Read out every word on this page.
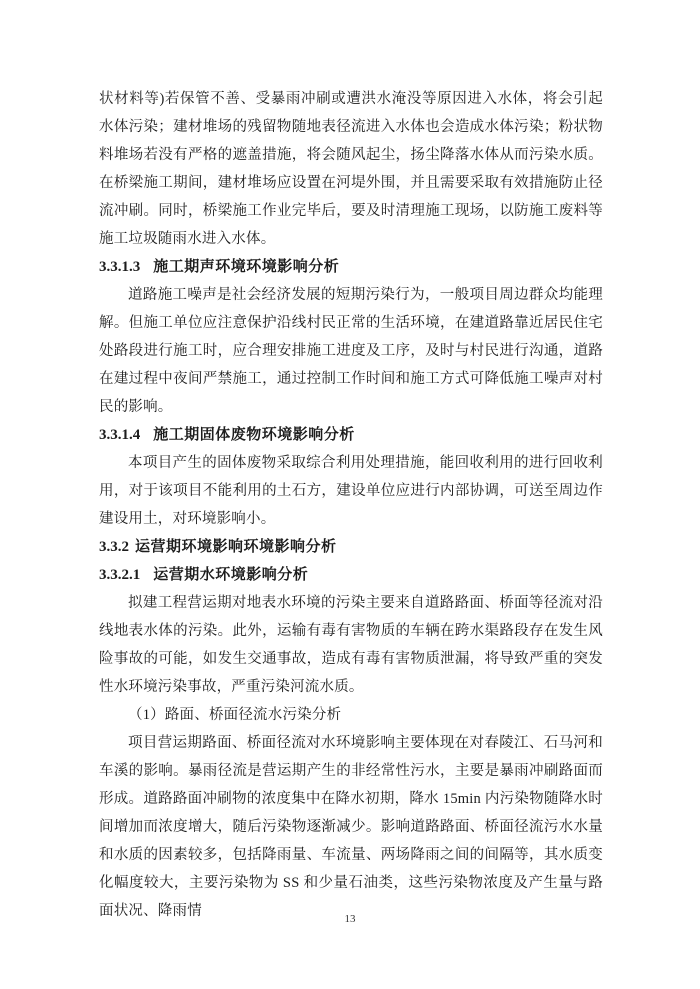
状材料等)若保管不善、受暴雨冲刷或遭洪水淹没等原因进入水体，将会引起水体污染；建材堆场的残留物随地表径流进入水体也会造成水体污染；粉状物料堆场若没有严格的遮盖措施，将会随风起尘，扬尘降落水体从而污染水质。在桥梁施工期间，建材堆场应设置在河堤外围，并且需要采取有效措施防止径流冲刷。同时，桥梁施工作业完毕后，要及时清理施工现场，以防施工废料等施工垃圾随雨水进入水体。

3.3.1.3 施工期声环境环境影响分析

道路施工噪声是社会经济发展的短期污染行为，一般项目周边群众均能理解。但施工单位应注意保护沿线村民正常的生活环境，在建道路靠近居民住宅处路段进行施工时，应合理安排施工进度及工序，及时与村民进行沟通，道路在建过程中夜间严禁施工，通过控制工作时间和施工方式可降低施工噪声对村民的影响。

3.3.1.4 施工期固体废物环境影响分析

本项目产生的固体废物采取综合利用处理措施，能回收利用的进行回收利用，对于该项目不能利用的土石方，建设单位应进行内部协调，可送至周边作建设用土，对环境影响小。

3.3.2 运营期环境影响环境影响分析
3.3.2.1 运营期水环境影响分析

拟建工程营运期对地表水环境的污染主要来自道路路面、桥面等径流对沿线地表水体的污染。此外，运输有毒有害物质的车辆在跨水渠路段存在发生风险事故的可能，如发生交通事故，造成有毒有害物质泄漏，将导致严重的突发性水环境污染事故，严重污染河流水质。

（1）路面、桥面径流水污染分析

项目营运期路面、桥面径流对水环境影响主要体现在对春陵江、石马河和车溪的影响。暴雨径流是营运期产生的非经常性污水，主要是暴雨冲刷路面而形成。道路路面冲刷物的浓度集中在降水初期，降水 15min 内污染物随降水时间增加而浓度增大，随后污染物逐渐减少。影响道路路面、桥面径流污水水量和水质的因素较多，包括降雨量、车流量、两场降雨之间的间隔等，其水质变化幅度较大，主要污染物为 SS 和少量石油类，这些污染物浓度及产生量与路面状况、降雨情	13
